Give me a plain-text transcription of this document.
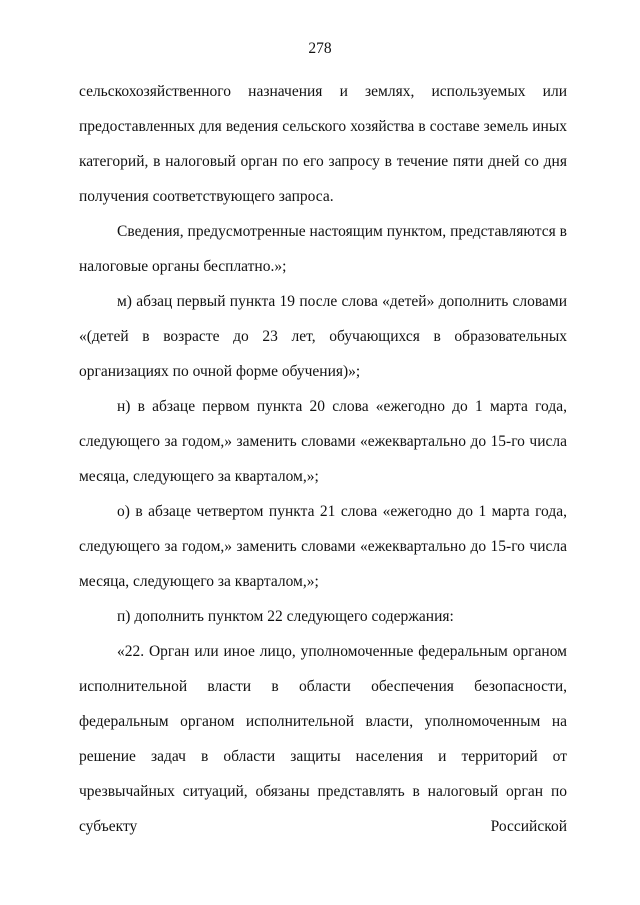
278

сельскохозяйственного назначения и землях, используемых или предоставленных для ведения сельского хозяйства в составе земель иных категорий, в налоговый орган по его запросу в течение пяти дней со дня получения соответствующего запроса.

Сведения, предусмотренные настоящим пунктом, представляются в налоговые органы бесплатно.»;

м) абзац первый пункта 19 после слова «детей» дополнить словами «(детей в возрасте до 23 лет, обучающихся в образовательных организациях по очной форме обучения)»;

н) в абзаце первом пункта 20 слова «ежегодно до 1 марта года, следующего за годом,» заменить словами «ежеквартально до 15-го числа месяца, следующего за кварталом,»;

о) в абзаце четвертом пункта 21 слова «ежегодно до 1 марта года, следующего за годом,» заменить словами «ежеквартально до 15-го числа месяца, следующего за кварталом,»;

п) дополнить пунктом 22 следующего содержания:

«22. Орган или иное лицо, уполномоченные федеральным органом исполнительной власти в области обеспечения безопасности, федеральным органом исполнительной власти, уполномоченным на решение задач в области защиты населения и территорий от чрезвычайных ситуаций, обязаны представлять в налоговый орган по субъекту Российской
